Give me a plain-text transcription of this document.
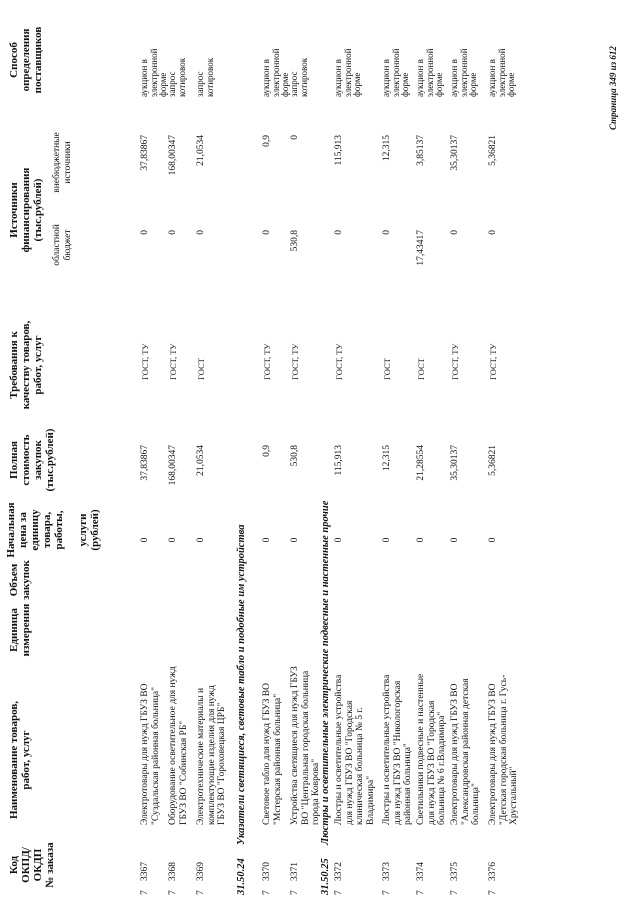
Код ОКПД/ ОКДП № заказа
Наименование товаров, работ, услуг
Единица измерения
Объем закупок
Начальная цена за единицу товара, работы,
услуги (рублей)
Полная стоимость закупок (тыс.рублей)
Требования к качеству товаров, работ, услуг
Источники финансирования (тыс.рублей)
областной бюджет
внебюджетные источники
Способ определения поставщиков
7
3367
Электротовары для нужд ГБУЗ ВО "Суздальская районная больница"
0
37,83867
ГОСТ, ТУ
0
37,83867
аукцион в электронной форме
7
3368
Оборудование осветительное для нужд ГБУЗ ВО "Собинская РБ"
0
168,00347
ГОСТ, ТУ
0
168,00347
запрос котировок
7
3369
Электротехнические материалы и комплектующие изделия для нужд ГБУЗ ВО "Гороховецкая ЦРБ"
0
21,0534
ГОСТ
0
21,0534
запрос котировок
31.50.24
Указатели светящиеся, световые табло и подобные им устройства
7
3370
Световое табло для нужд ГБУЗ ВО "Мстерская районная больница"
0
0,9
ГОСТ, ТУ
0
0,9
аукцион в электронной форме
7
3371
Устройства светящиеся для нужд ГБУЗ ВО "Центральная городская больница города Коврова"
0
530,8
ГОСТ, ТУ
530,8
0
запрос котировок
31.50.25
Люстры и осветительные электрические подвесные и настенные прочие
7
3372
Люстры и осветительные устройства для нужд ГБУЗ ВО "Городская клиническая больница № 5 г. Владимира"
0
115,913
ГОСТ, ТУ
0
115,913
аукцион в электронной форме
7
3373
Люстры и осветительные устройства для нужд ГБУЗ ВО "Никологорская районная больница"
0
12,315
ГОСТ
0
12,315
аукцион в электронной форме
7
3374
Светильники подвесные и настенные для нужд ГБУЗ ВО "Городская больница № 6 г.Владимира"
0
21,28554
ГОСТ
17,43417
3,85137
аукцион в электронной форме
7
3375
Электротовары для нужд ГБУЗ ВО "Александровская районная детская больница"
0
35,30137
ГОСТ, ТУ
0
35,30137
аукцион в электронной форме
7
3376
Электротовары для нужд ГБУЗ ВО "Детская городская больница г. Гусь- Хрустальный"
0
5,36821
ГОСТ, ТУ
0
5,36821
аукцион в электронной форме	Страница 349 из 612
